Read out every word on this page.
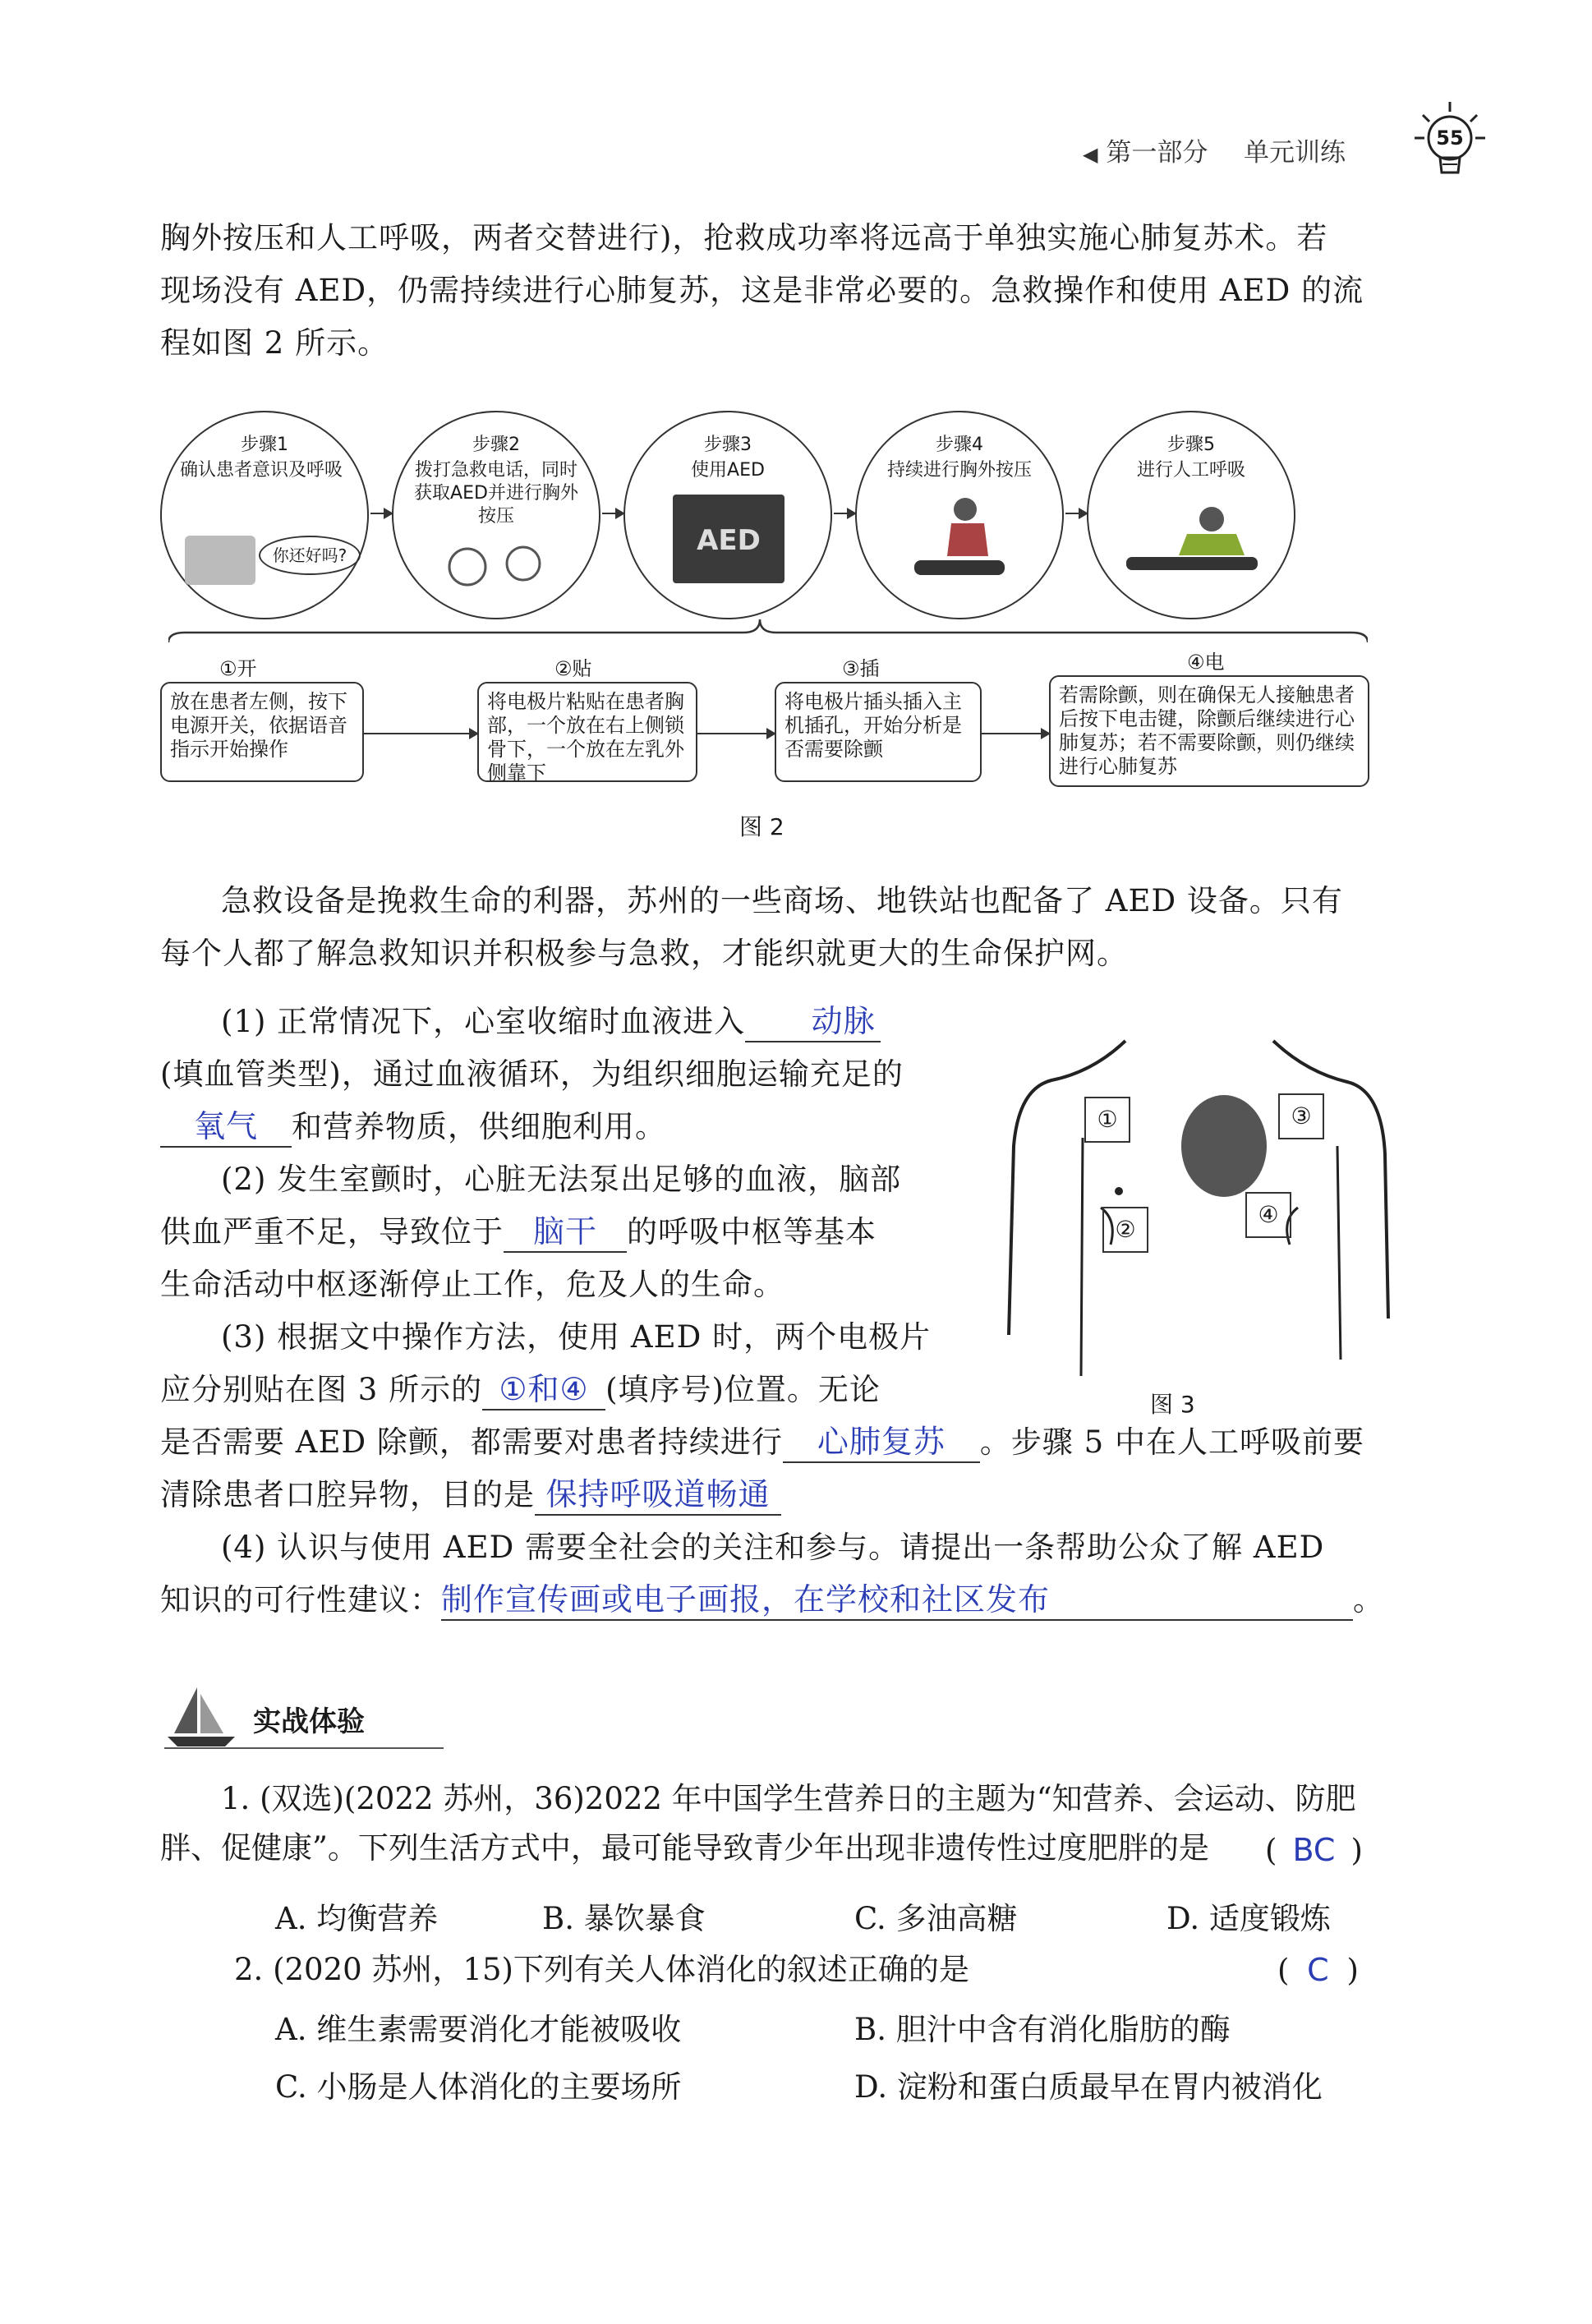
◀ 第一部分 单元训练	55
胸外按压和人工呼吸，两者交替进行)，抢救成功率将远高于单独实施心肺复苏术。若
现场没有 AED，仍需持续进行心肺复苏，这是非常必要的。急救操作和使用 AED 的流
程如图 2 所示。
步骤1
确认患者意识及呼吸
你还好吗?
步骤2
拨打急救电话，同时获取AED并进行胸外按压
步骤3
使用AED
AED
步骤4
持续进行胸外按压
步骤5
进行人工呼吸
①开	②贴	③插	④电
放在患者左侧，按下电源开关，依据语音指示开始操作
将电极片粘贴在患者胸部，一个放在右上侧锁骨下，一个放在左乳外侧靠下
将电极片插头插入主机插孔，开始分析是否需要除颤
若需除颤，则在确保无人接触患者后按下电击键，除颤后继续进行心肺复苏；若不需要除颤，则仍继续进行心肺复苏
图 2
急救设备是挽救生命的利器，苏州的一些商场、地铁站也配备了 AED 设备。只有
每个人都了解急救知识并积极参与急救，才能织就更大的生命保护网。
(1) 正常情况下，心室收缩时血液进入 动脉
(填血管类型)，通过血液循环，为组织细胞运输充足的
氧气 和营养物质，供细胞利用。
(2) 发生室颤时，心脏无法泵出足够的血液，脑部
供血严重不足，导致位于 脑干 的呼吸中枢等基本
生命活动中枢逐渐停止工作，危及人的生命。
(3) 根据文中操作方法，使用 AED 时，两个电极片
应分别贴在图 3 所示的 ①和④ (填序号)位置。无论
是否需要 AED 除颤，都需要对患者持续进行 心肺复苏 。步骤 5 中在人工呼吸前要
清除患者口腔异物，目的是 保持呼吸道畅通
(4) 认识与使用 AED 需要全社会的关注和参与。请提出一条帮助公众了解 AED
知识的可行性建议：制作宣传画或电子画报，在学校和社区发布	。
①
②
③
④
图 3
实战体验
1. (双选)(2022 苏州，36)2022 年中国学生营养日的主题为“知营养、会运动、防肥
胖、促健康”。下列生活方式中，最可能导致青少年出现非遗传性过度肥胖的是	( BC )
A. 均衡营养	B. 暴饮暴食	C. 多油高糖	D. 适度锻炼
2. (2020 苏州，15)下列有关人体消化的叙述正确的是	( C )
A. 维生素需要消化才能被吸收	B. 胆汁中含有消化脂肪的酶
C. 小肠是人体消化的主要场所	D. 淀粉和蛋白质最早在胃内被消化
